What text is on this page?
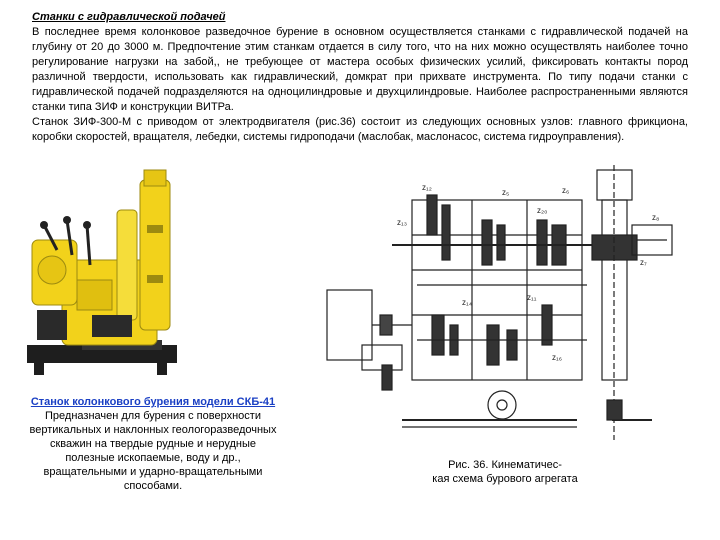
Станки с гидравлической подачей

В последнее время колонковое разведочное бурение в основном осуществляется станками с гидравлической подачей на глубину от 20 до 3000 м. Предпочтение этим станкам отдается в силу того, что на них можно осуществлять наиболее точно регулирование нагрузки на забой,, не требующее от мастера особых физических усилий, фиксировать контакты пород различной твердости, использовать как гидравлический, домкрат при прихвате инструмента. По типу подачи станки с гидравлической подачей подразделяются на одноцилиндровые и двухцилиндровые. Наиболее распространенными являются станки типа ЗИФ и конструкции ВИТРа.

Станок ЗИФ-300-М с приводом от электродвигателя (рис.36) состоит из следующих основных узлов: главного фрикциона, коробки скоростей, вращателя, лебедки, системы гидроподачи (маслобак, маслонасос, система гидроуправления).

Станок колонкового бурения модели СКБ-41
Предназначен для бурения с поверхности вертикальных и наклонных геологоразведочных скважин на твердые рудные и нерудные полезные ископаемые, воду и др., вращательными и ударно-вращательными способами.
z₁₂
z₁₃
z₅	z₆
z₇
z₈
z₂₀
z₁₁
z₁₄
z₁₆
Рис. 36. Кинематичес-
кая схема бурового агрегата
